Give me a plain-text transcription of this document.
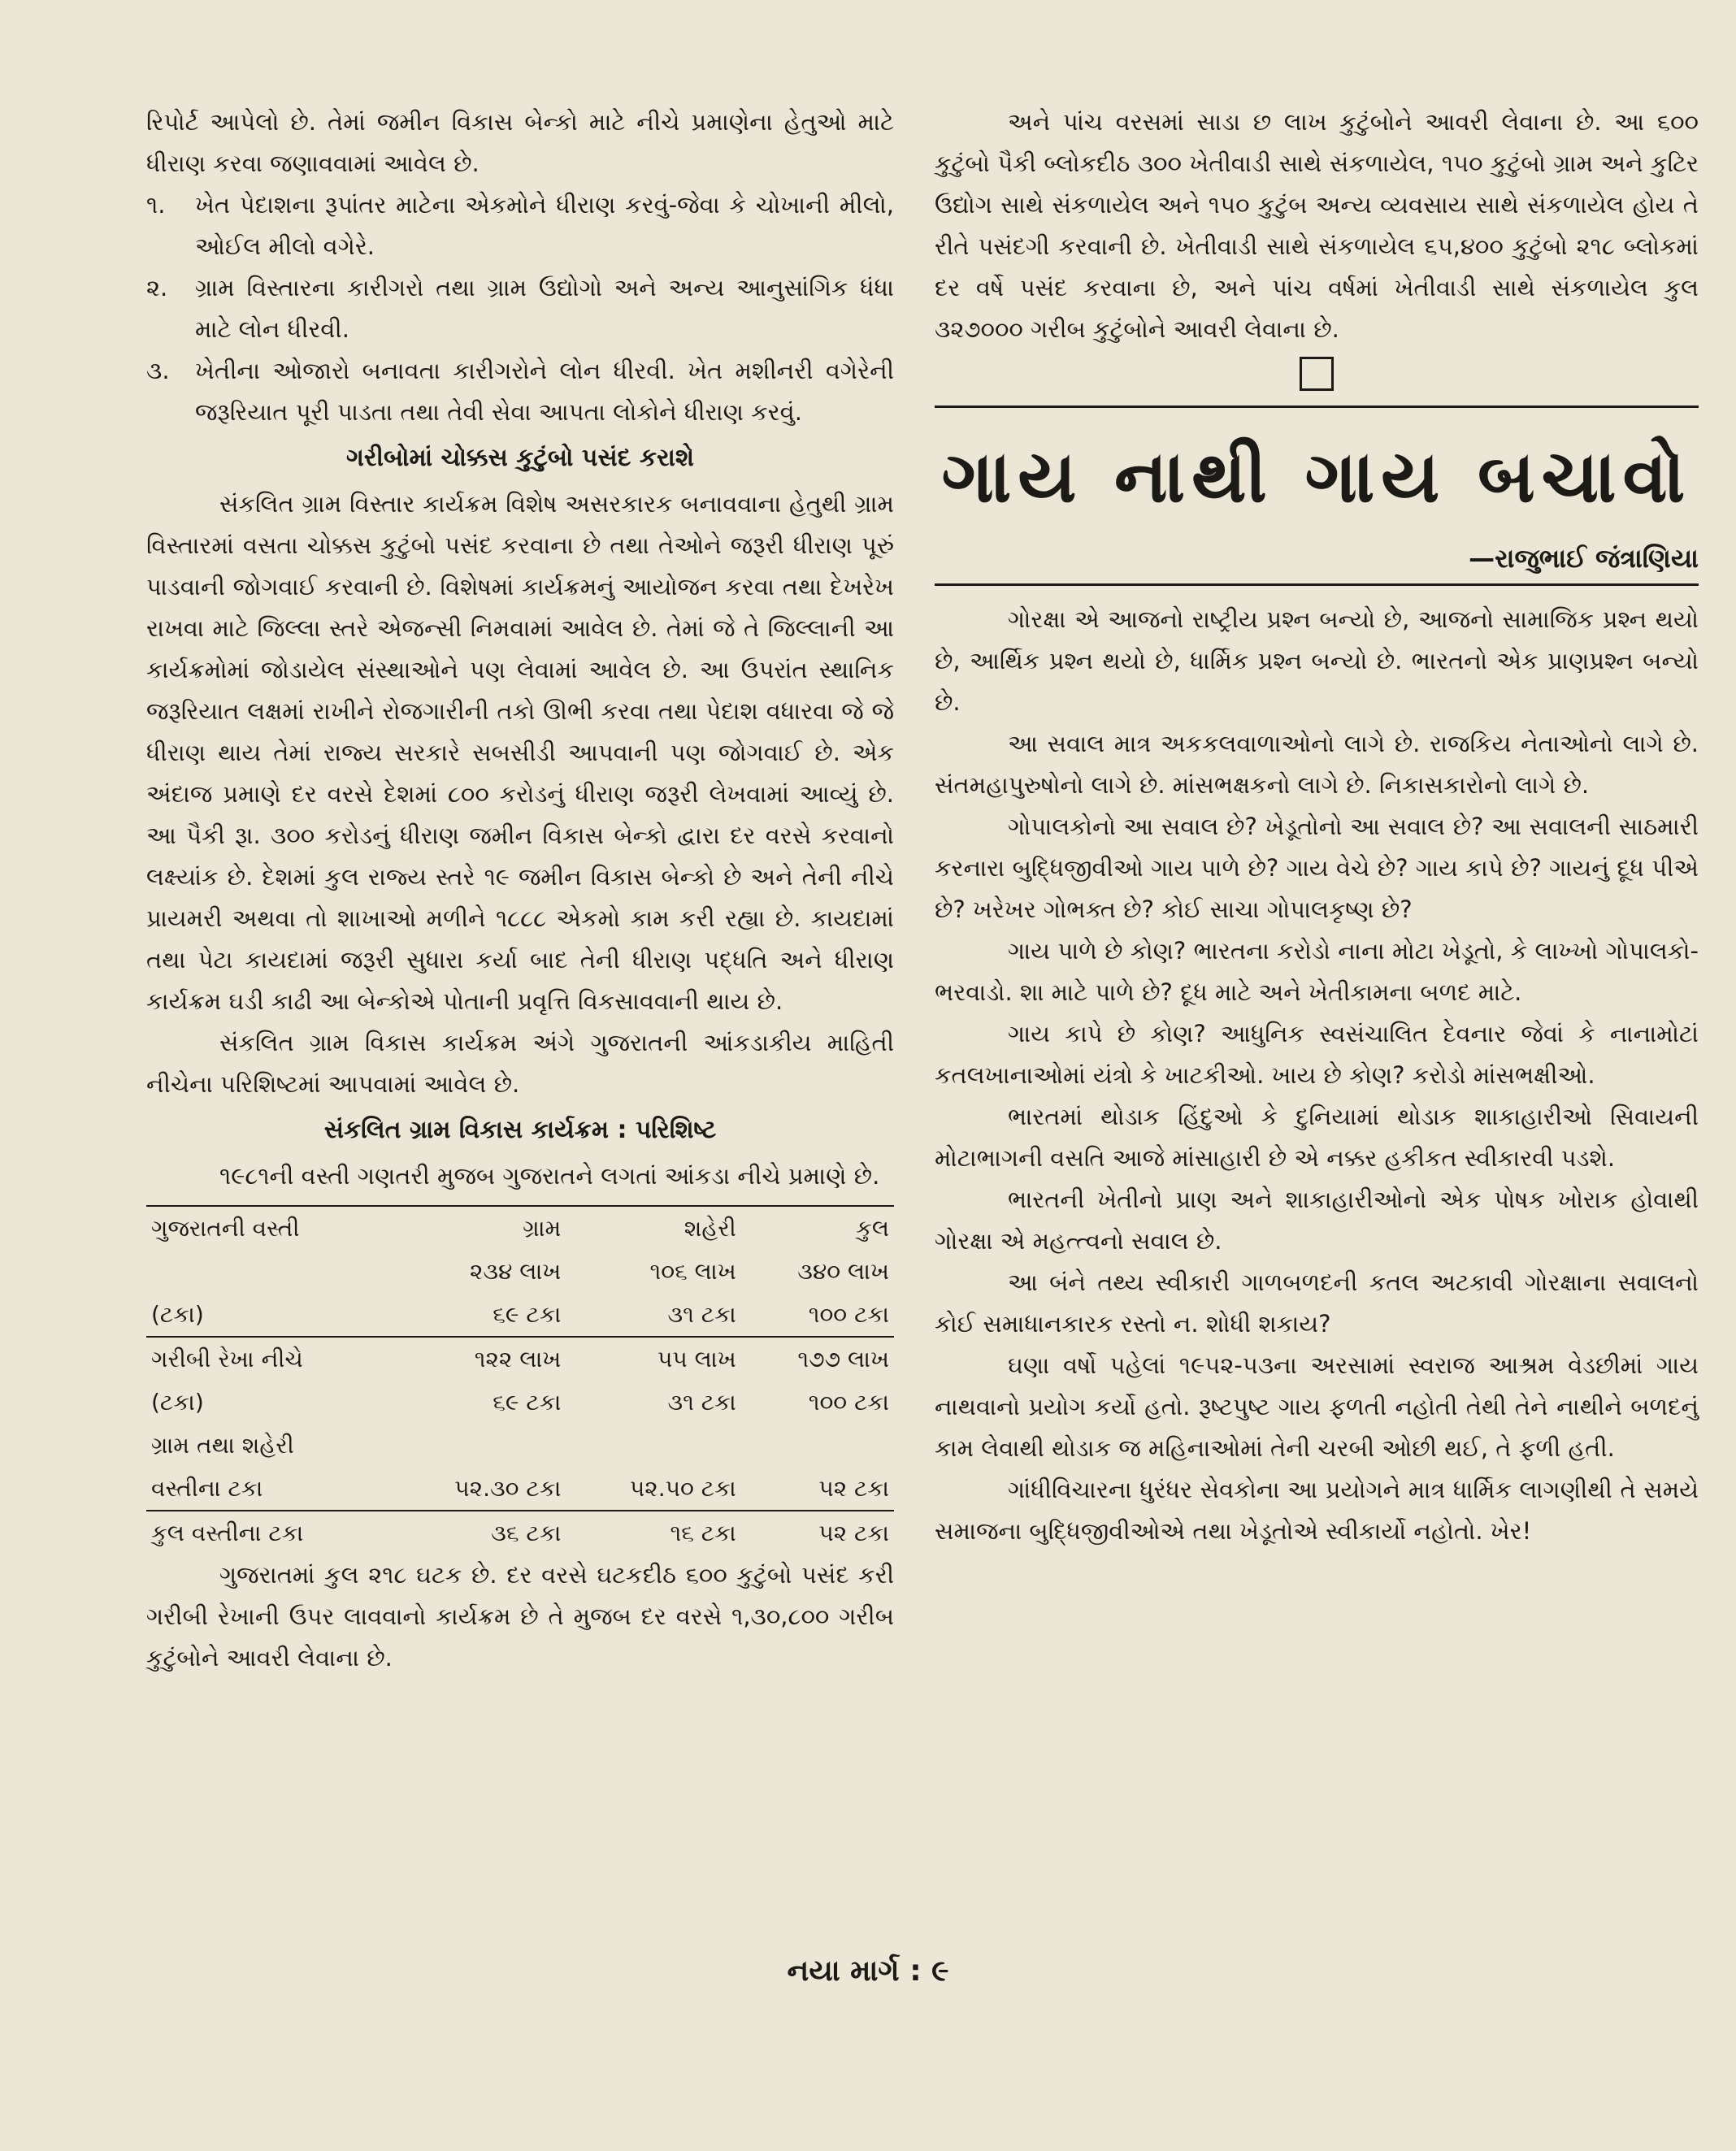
રિપોર્ટ આપેલો છે. તેમાં જમીન વિકાસ બેન્કો માટે નીચે પ્રમાણેના હેતુઓ માટે ધીરાણ કરવા જણાવવામાં આવેલ છે.

૧.	ખેત પેદાશના રૂપાંતર માટેના એકમોને ધીરાણ કરવું-જેવા કે ચોખાની મીલો, ઓઈલ મીલો વગેરે.
૨.	ગ્રામ વિસ્તારના કારીગરો તથા ગ્રામ ઉદ્યોગો અને અન્ય આનુસાંગિક ધંધા માટે લોન ધીરવી.
૩.	ખેતીના ઓજારો બનાવતા કારીગરોને લોન ધીરવી. ખેત મશીનરી વગેરેની જરૂરિયાત પૂરી પાડતા તથા તેવી સેવા આપતા લોકોને ધીરાણ કરવું.
ગરીબોમાં ચોક્કસ કુટુંબો પસંદ કરાશે

સંકલિત ગ્રામ વિસ્તાર કાર્યક્રમ વિશેષ અસરકારક બનાવવાના હેતુથી ગ્રામ વિસ્તારમાં વસતા ચોક્કસ કુટુંબો પસંદ કરવાના છે તથા તેઓને જરૂરી ધીરાણ પૂરું પાડવાની જોગવાઈ કરવાની છે. વિશેષમાં કાર્યક્રમનું આયોજન કરવા તથા દેખરેખ રાખવા માટે જિલ્લા સ્તરે એજન્સી નિમવામાં આવેલ છે. તેમાં જે તે જિલ્લાની આ કાર્યક્રમોમાં જોડાયેલ સંસ્થાઓને પણ લેવામાં આવેલ છે. આ ઉપરાંત સ્થાનિક જરૂરિયાત લક્ષમાં રાખીને રોજગારીની તકો ઊભી કરવા તથા પેદાશ વધારવા જે જે ધીરાણ થાય તેમાં રાજ્ય સરકારે સબસીડી આપવાની પણ જોગવાઈ છે. એક અંદાજ પ્રમાણે દર વરસે દેશમાં ૮૦૦ કરોડનું ધીરાણ જરૂરી લેખવામાં આવ્યું છે. આ પૈકી રૂા. ૩૦૦ કરોડનું ધીરાણ જમીન વિકાસ બેન્કો દ્વારા દર વરસે કરવાનો લક્ષ્યાંક છે. દેશમાં કુલ રાજ્ય સ્તરે ૧૯ જમીન વિકાસ બેન્કો છે અને તેની નીચે પ્રાયમરી અથવા તો શાખાઓ મળીને ૧૮૮૮ એકમો કામ કરી રહ્યા છે. કાયદામાં તથા પેટા કાયદામાં જરૂરી સુધારા કર્યા બાદ તેની ધીરાણ પદ્ધતિ અને ધીરાણ કાર્યક્રમ ઘડી કાઢી આ બેન્કોએ પોતાની પ્રવૃત્તિ વિકસાવવાની થાય છે.

સંકલિત ગ્રામ વિકાસ કાર્યક્રમ અંગે ગુજરાતની આંકડાકીય માહિતી નીચેના પરિશિષ્ટમાં આપવામાં આવેલ છે.

સંકલિત ગ્રામ વિકાસ કાર્યક્રમ : પરિશિષ્ટ

૧૯૮૧ની વસ્તી ગણતરી મુજબ ગુજરાતને લગતાં આંકડા નીચે પ્રમાણે છે.

ગુજરાતની વસ્તી	ગ્રામ	શહેરી	કુલ
	૨૩૪ લાખ	૧૦૬ લાખ	૩૪૦ લાખ
(ટકા)	૬૯ ટકા	૩૧ ટકા	૧૦૦ ટકા
ગરીબી રેખા નીચે	૧૨૨ લાખ	૫૫ લાખ	૧૭૭ લાખ
(ટકા)	૬૯ ટકા	૩૧ ટકા	૧૦૦ ટકા
ગ્રામ તથા શહેરી			
વસ્તીના ટકા	૫૨.૩૦ ટકા	૫૨.૫૦ ટકા	૫૨ ટકા
કુલ વસ્તીના ટકા	૩૬ ટકા	૧૬ ટકા	૫૨ ટકા

ગુજરાતમાં કુલ ૨૧૮ ઘટક છે. દર વરસે ઘટકદીઠ ૬૦૦ કુટુંબો પસંદ કરી ગરીબી રેખાની ઉપર લાવવાનો કાર્યક્રમ છે તે મુજબ દર વરસે ૧,૩૦,૮૦૦ ગરીબ કુટુંબોને આવરી લેવાના છે.

અને પાંચ વરસમાં સાડા છ લાખ કુટુંબોને આવરી લેવાના છે. આ ૬૦૦ કુટુંબો પૈકી બ્લોકદીઠ ૩૦૦ ખેતીવાડી સાથે સંકળાયેલ, ૧૫૦ કુટુંબો ગ્રામ અને કુટિર ઉદ્યોગ સાથે સંકળાયેલ અને ૧૫૦ કુટુંબ અન્ય વ્યવસાય સાથે સંકળાયેલ હોય તે રીતે પસંદગી કરવાની છે. ખેતીવાડી સાથે સંકળાયેલ ૬૫,૪૦૦ કુટુંબો ૨૧૮ બ્લોકમાં દર વર્ષે પસંદ કરવાના છે, અને પાંચ વર્ષમાં ખેતીવાડી સાથે સંકળાયેલ કુલ ૩૨૭૦૦૦ ગરીબ કુટુંબોને આવરી લેવાના છે.

ગાય નાથી ગાય બચાવો
—રાજુભાઈ જંત્રાણિયા

ગોરક્ષા એ આજનો રાષ્ટ્રીય પ્રશ્ન બન્યો છે, આજનો સામાજિક પ્રશ્ન થયો છે, આર્થિક પ્રશ્ન થયો છે, ધાર્મિક પ્રશ્ન બન્યો છે. ભારતનો એક પ્રાણપ્રશ્ન બન્યો છે.

આ સવાલ માત્ર અકકલવાળાઓનો લાગે છે. રાજકિય નેતાઓનો લાગે છે. સંતમહાપુરુષોનો લાગે છે. માંસભક્ષકનો લાગે છે. નિકાસકારોનો લાગે છે.

ગોપાલકોનો આ સવાલ છે? ખેડૂતોનો આ સવાલ છે? આ સવાલની સાઠમારી કરનારા બુદ્ધિજીવીઓ ગાય પાળે છે? ગાય વેચે છે? ગાય કાપે છે? ગાયનું દૂધ પીએ છે? ખરેખર ગોભક્ત છે? કોઈ સાચા ગોપાલકૃષ્ણ છે?

ગાય પાળે છે કોણ? ભારતના કરોડો નાના મોટા ખેડૂતો, કે લાખ્ખો ગોપાલકો-ભરવાડો. શા માટે પાળે છે? દૂધ માટે અને ખેતીકામના બળદ માટે.

ગાય કાપે છે કોણ? આધુનિક સ્વસંચાલિત દેવનાર જેવાં કે નાનામોટાં કતલખાનાઓમાં યંત્રો કે ખાટકીઓ. ખાય છે કોણ? કરોડો માંસભક્ષીઓ.

ભારતમાં થોડાક હિંદુઓ કે દુનિયામાં થોડાક શાકાહારીઓ સિવાયની મોટાભાગની વસતિ આજે માંસાહારી છે એ નક્કર હકીકત સ્વીકારવી પડશે.

ભારતની ખેતીનો પ્રાણ અને શાકાહારીઓનો એક પોષક ખોરાક હોવાથી ગોરક્ષા એ મહત્ત્વનો સવાલ છે.

આ બંને તથ્ય સ્વીકારી ગાળબળદની કતલ અટકાવી ગોરક્ષાના સવાલનો કોઈ સમાધાનકારક રસ્તો ન. શોધી શકાય?

ઘણા વર્ષો પહેલાં ૧૯૫૨-૫૩ના અરસામાં સ્વરાજ આશ્રમ વેડછીમાં ગાય નાથવાનો પ્રયોગ કર્યો હતો. રૂષ્ટપુષ્ટ ગાય ફળતી નહોતી તેથી તેને નાથીને બળદનું કામ લેવાથી થોડાક જ મહિનાઓમાં તેની ચરબી ઓછી થઈ, તે ફળી હતી.

ગાંધીવિચારના ધુરંધર સેવકોના આ પ્રયોગને માત્ર ધાર્મિક લાગણીથી તે સમયે સમાજના બુદ્ધિજીવીઓએ તથા ખેડૂતોએ સ્વીકાર્યો નહોતો. ખેર!

નયા માર્ગ : ૯
